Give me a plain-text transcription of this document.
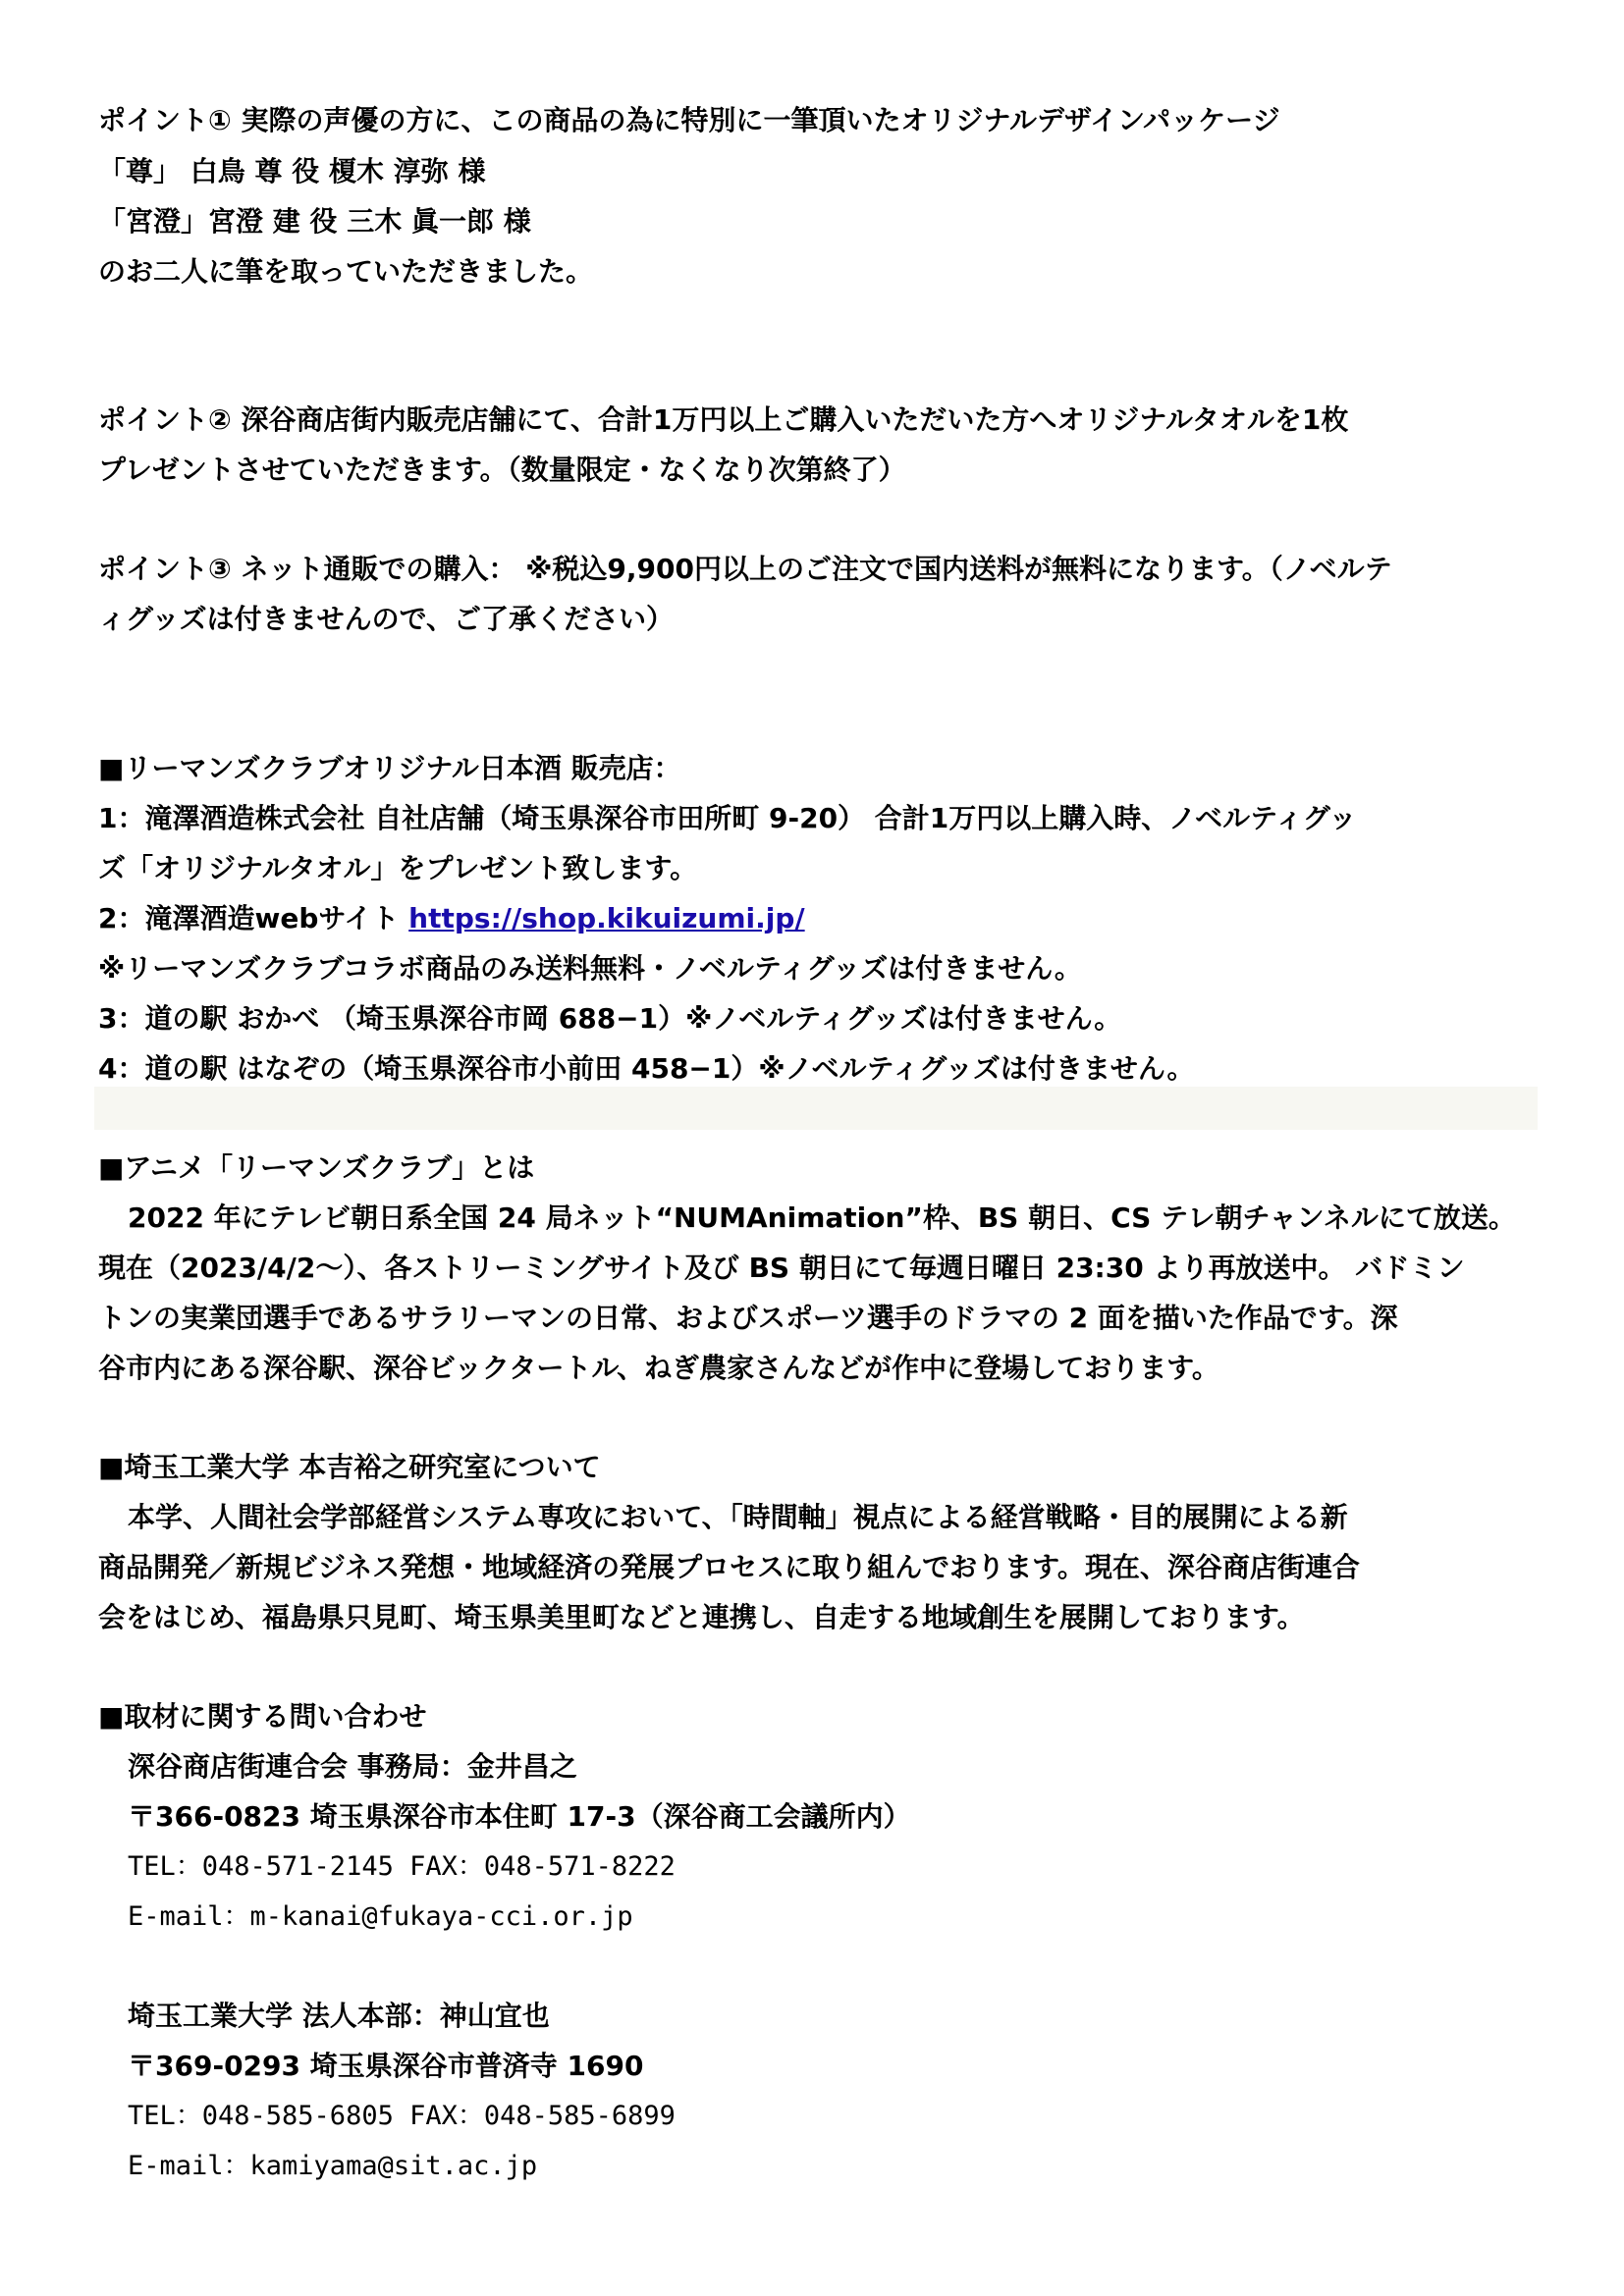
ポイント① 実際の声優の方に、この商品の為に特別に一筆頂いたオリジナルデザインパッケージ
「尊」 白鳥 尊 役 榎木 淳弥 様
「宮澄」宮澄 建 役 三木 眞一郎 様
のお二人に筆を取っていただきました。
ポイント② 深谷商店街内販売店舗にて、合計1万円以上ご購入いただいた方へオリジナルタオルを1枚
プレゼントさせていただきます。（数量限定・なくなり次第終了）
ポイント③ ネット通販での購入： ※税込9,900円以上のご注文で国内送料が無料になります。（ノベルテ
ィグッズは付きませんので、ご了承ください）
■リーマンズクラブオリジナル日本酒 販売店：
1：滝澤酒造株式会社 自社店舗（埼玉県深谷市田所町 9-20） 合計1万円以上購入時、ノベルティグッ
ズ「オリジナルタオル」をプレゼント致します。
2：滝澤酒造webサイト https://shop.kikuizumi.jp/
※リーマンズクラブコラボ商品のみ送料無料・ノベルティグッズは付きません。
3：道の駅 おかべ （埼玉県深谷市岡 688−1）※ノベルティグッズは付きません。
4：道の駅 はなぞの（埼玉県深谷市小前田 458−1）※ノベルティグッズは付きません。
■アニメ「リーマンズクラブ」とは
2022 年にテレビ朝日系全国 24 局ネット“NUMAnimation”枠、BS 朝日、CS テレ朝チャンネルにて放送。
現在（2023/4/2～）、各ストリーミングサイト及び BS 朝日にて毎週日曜日 23:30 より再放送中。 バドミン
トンの実業団選手であるサラリーマンの日常、およびスポーツ選手のドラマの 2 面を描いた作品です。深
谷市内にある深谷駅、深谷ビックタートル、ねぎ農家さんなどが作中に登場しております。
■埼玉工業大学 本吉裕之研究室について
本学、人間社会学部経営システム専攻において、「時間軸」視点による経営戦略・目的展開による新
商品開発／新規ビジネス発想・地域経済の発展プロセスに取り組んでおります。現在、深谷商店街連合
会をはじめ、福島県只見町、埼玉県美里町などと連携し、自走する地域創生を展開しております。
■取材に関する問い合わせ
深谷商店街連合会 事務局：金井昌之
〒366-0823 埼玉県深谷市本住町 17-3（深谷商工会議所内）
TEL：048-571-2145 FAX：048-571-8222
E-mail：m-kanai@fukaya-cci.or.jp
埼玉工業大学 法人本部：神山宜也
〒369-0293 埼玉県深谷市普済寺 1690
TEL：048-585-6805 FAX：048-585-6899
E-mail：kamiyama@sit.ac.jp
